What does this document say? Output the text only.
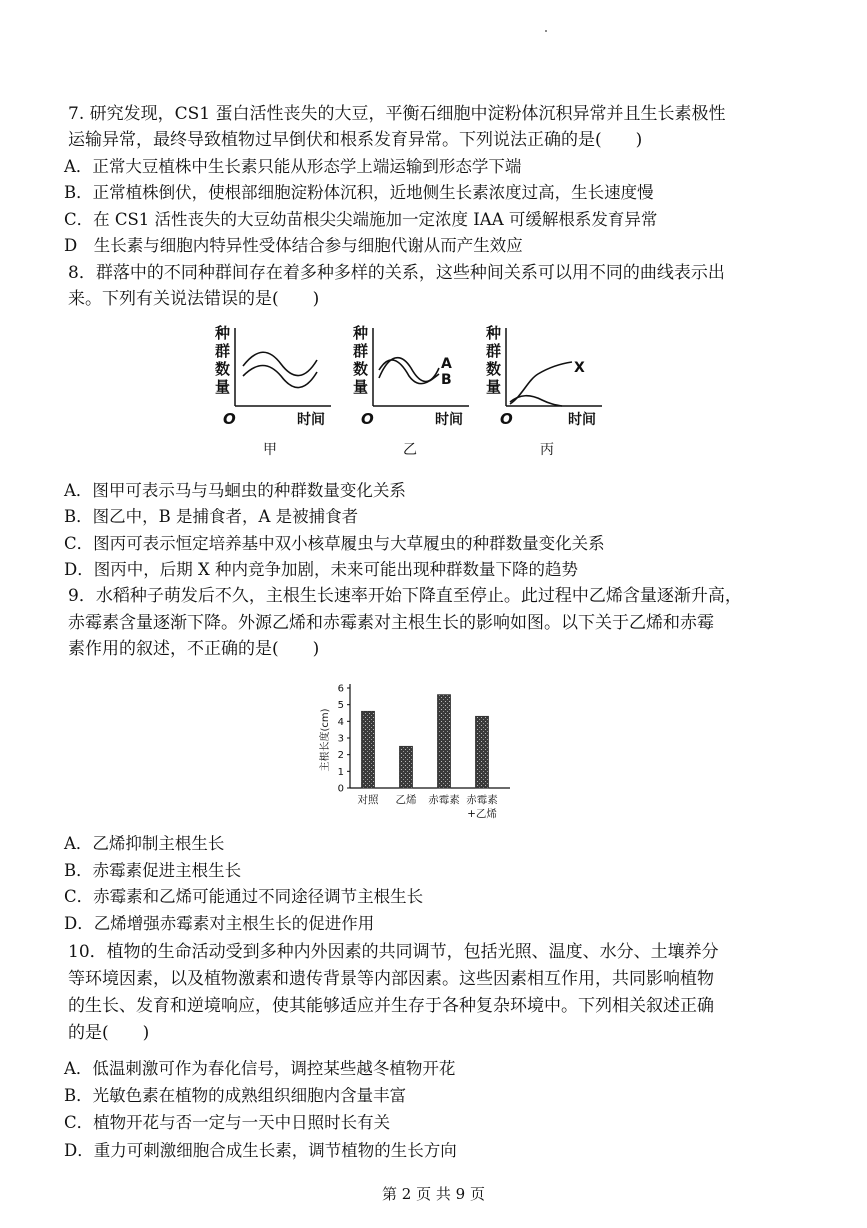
7. 研究发现，CS1 蛋白活性丧失的大豆，平衡石细胞中淀粉体沉积异常并且生长素极性
运输异常，最终导致植物过早倒伏和根系发育异常。下列说法正确的是(　　)
A．正常大豆植株中生长素只能从形态学上端运输到形态学下端
B．正常植株倒伏，使根部细胞淀粉体沉积，近地侧生长素浓度过高，生长速度慢
C．在 CS1 活性丧失的大豆幼苗根尖尖端施加一定浓度 IAA 可缓解根系发育异常
D　生长素与细胞内特异性受体结合参与细胞代谢从而产生效应
8．群落中的不同种群间存在着多种多样的关系，这些种间关系可以用不同的曲线表示出
来。下列有关说法错误的是(　　)
种
群
数
量
O	时间
甲
种
群
数
量
A
B
O	时间
乙
种
群
数
量
X
O	时间
丙
A．图甲可表示马与马蛔虫的种群数量变化关系
B．图乙中，B 是捕食者，A 是被捕食者
C．图丙可表示恒定培养基中双小核草履虫与大草履虫的种群数量变化关系
D．图丙中，后期 X 种内竞争加剧，未来可能出现种群数量下降的趋势
9．水稻种子萌发后不久，主根生长速率开始下降直至停止。此过程中乙烯含量逐渐升高，
赤霉素含量逐渐下降。外源乙烯和赤霉素对主根生长的影响如图。以下关于乙烯和赤霉
素作用的叙述，不正确的是(　　)
主根长度(cm)
0
1
2
3
4
5
6
对照 乙烯 赤霉素 赤霉素
+乙烯
A．乙烯抑制主根生长
B．赤霉素促进主根生长
C．赤霉素和乙烯可能通过不同途径调节主根生长
D．乙烯增强赤霉素对主根生长的促进作用
10．植物的生命活动受到多种内外因素的共同调节，包括光照、温度、水分、土壤养分
等环境因素，以及植物激素和遗传背景等内部因素。这些因素相互作用，共同影响植物
的生长、发育和逆境响应，使其能够适应并生存于各种复杂环境中。下列相关叙述正确
的是(　　)
A．低温刺激可作为春化信号，调控某些越冬植物开花
B．光敏色素在植物的成熟组织细胞内含量丰富
C．植物开花与否一定与一天中日照时长有关
D．重力可刺激细胞合成生长素，调节植物的生长方向
第 2 页 共 9 页
